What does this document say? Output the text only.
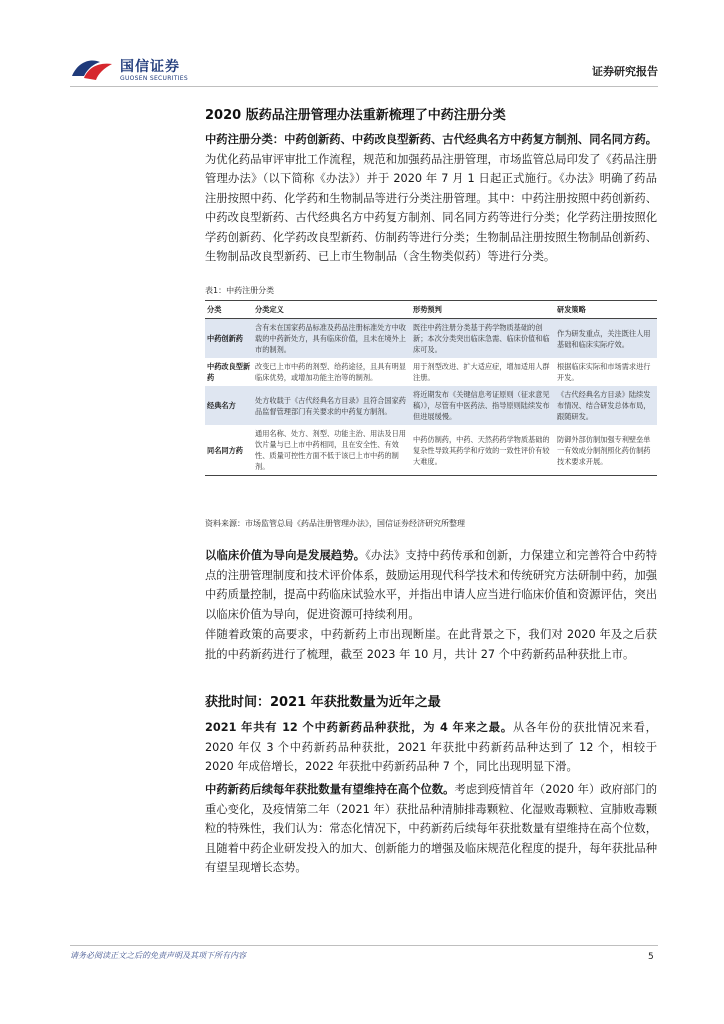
国信证券
GUOSEN SECURITIES
证券研究报告
2020 版药品注册管理办法重新梳理了中药注册分类
中药注册分类：中药创新药、中药改良型新药、古代经典名方中药复方制剂、同名同方药。为优化药品审评审批工作流程，规范和加强药品注册管理，市场监管总局印发了《药品注册管理办法》（以下简称《办法》）并于 2020 年 7 月 1 日起正式施行。《办法》明确了药品注册按照中药、化学药和生物制品等进行分类注册管理。其中：中药注册按照中药创新药、中药改良型新药、古代经典名方中药复方制剂、同名同方药等进行分类；化学药注册按照化学药创新药、化学药改良型新药、仿制药等进行分类；生物制品注册按照生物制品创新药、生物制品改良型新药、已上市生物制品（含生物类似药）等进行分类。
表1：中药注册分类
分类	分类定义	形势预判	研发策略
中药创新药	含有未在国家药品标准及药品注册标准处方中收载的中药新处方，具有临床价值，且未在境外上市的制剂。	既往中药注册分类基于药学物质基础的创新；本次分类突出临床急需、临床价值和临床可及。	作为研发重点，关注既往人用基础和临床实际疗效。
中药改良型新药	改变已上市中药的剂型、给药途径，且具有明显临床优势，或增加功能主治等的制剂。	用于剂型改进、扩大适应症，增加适用人群注册。	根据临床实际和市场需求进行开发。
经典名方	处方收载于《古代经典名方目录》且符合国家药品监督管理部门有关要求的中药复方制剂。	将近期发布《关键信息考证原则（征求意见稿）》，尽管有中医药法、指导原则陆续发布但进展缓慢。	《古代经典名方目录》陆续发布情况、结合研发总体布局，跟随研发。
同名同方药	通用名称、处方、剂型、功能主治、用法及日用饮片量与已上市中药相同，且在安全性、有效性、质量可控性方面不低于该已上市中药的制剂。	中药仿制药，中药、天然药药学物质基础的复杂性导致其药学和疗效的一致性评价有较大难度。	防御外部仿制加强专利壁垒单一有效成分制剂照化药仿制药技术要求开展。
资料来源：市场监管总局《药品注册管理办法》，国信证券经济研究所整理
以临床价值为导向是发展趋势。《办法》支持中药传承和创新，力保建立和完善符合中药特点的注册管理制度和技术评价体系，鼓励运用现代科学技术和传统研究方法研制中药，加强中药质量控制，提高中药临床试验水平，并指出申请人应当进行临床价值和资源评估，突出以临床价值为导向，促进资源可持续利用。
伴随着政策的高要求，中药新药上市出现断崖。在此背景之下，我们对 2020 年及之后获批的中药新药进行了梳理，截至 2023 年 10 月，共计 27 个中药新药品种获批上市。
获批时间：2021 年获批数量为近年之最
2021 年共有 12 个中药新药品种获批，为 4 年来之最。从各年份的获批情况来看，2020 年仅 3 个中药新药品种获批，2021 年获批中药新药品种达到了 12 个，相较于 2020 年成倍增长，2022 年获批中药新药品种 7 个，同比出现明显下滑。
中药新药后续每年获批数量有望维持在高个位数。考虑到疫情首年（2020 年）政府部门的重心变化，及疫情第二年（2021 年）获批品种清肺排毒颗粒、化湿败毒颗粒、宣肺败毒颗粒的特殊性，我们认为：常态化情况下，中药新药后续每年获批数量有望维持在高个位数，且随着中药企业研发投入的加大、创新能力的增强及临床规范化程度的提升，每年获批品种有望呈现增长态势。
请务必阅读正文之后的免责声明及其项下所有内容	5
